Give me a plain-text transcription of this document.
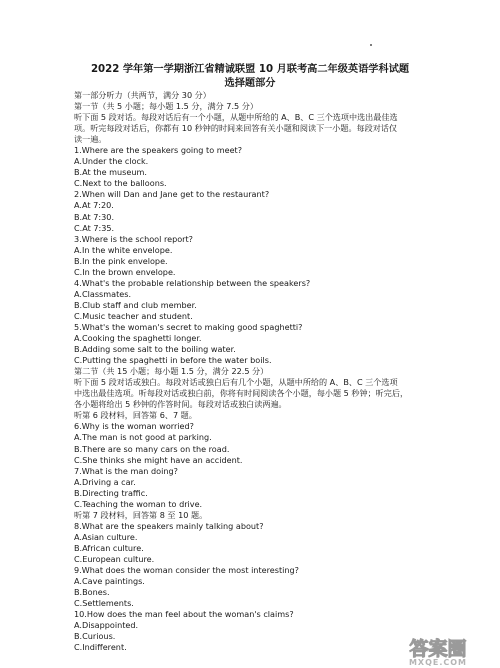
2022 学年第一学期浙江省精诚联盟 10 月联考高二年级英语学科试题
选择题部分
第一部分听力（共两节，满分 30 分）
第一节（共 5 小题；每小题 1.5 分，满分 7.5 分）
听下面 5 段对话。每段对话后有一个小题，从题中所给的 A、B、C 三个选项中选出最佳选
项。听完每段对话后，你都有 10 秒钟的时间来回答有关小题和阅读下一小题。每段对话仅
读一遍。
1.Where are the speakers going to meet?
A.Under the clock.
B.At the museum.
C.Next to the balloons.
2.When will Dan and Jane get to the restaurant?
A.At 7:20.
B.At 7:30.
C.At 7:35.
3.Where is the school report?
A.In the white envelope.
B.In the pink envelope.
C.In the brown envelope.
4.What's the probable relationship between the speakers?
A.Classmates.
B.Club staff and club member.
C.Music teacher and student.
5.What's the woman's secret to making good spaghetti?
A.Cooking the spaghetti longer.
B.Adding some salt to the boiling water.
C.Putting the spaghetti in before the water boils.
第二节（共 15 小题；每小题 1.5 分，满分 22.5 分）
听下面 5 段对话或独白。每段对话或独白后有几个小题，从题中所给的 A、B、C 三个选项
中选出最佳选项。听每段对话或独白前，你将有时间阅读各个小题，每小题 5 秒钟；听完后，
各小题将给出 5 秒钟的作答时间。每段对话或独白读两遍。
听第 6 段材料，回答第 6、7 题。
6.Why is the woman worried?
A.The man is not good at parking.
B.There are so many cars on the road.
C.She thinks she might have an accident.
7.What is the man doing?
A.Driving a car.
B.Directing traffic.
C.Teaching the woman to drive.
听第 7 段材料，回答第 8 至 10 题。
8.What are the speakers mainly talking about?
A.Asian culture.
B.African culture.
C.European culture.
9.What does the woman consider the most interesting?
A.Cave paintings.
B.Bones.
C.Settlements.
10.How does the man feel about the woman's claims?
A.Disappointed.
B.Curious.
C.Indifferent.	答案圈
MXQE.COM
